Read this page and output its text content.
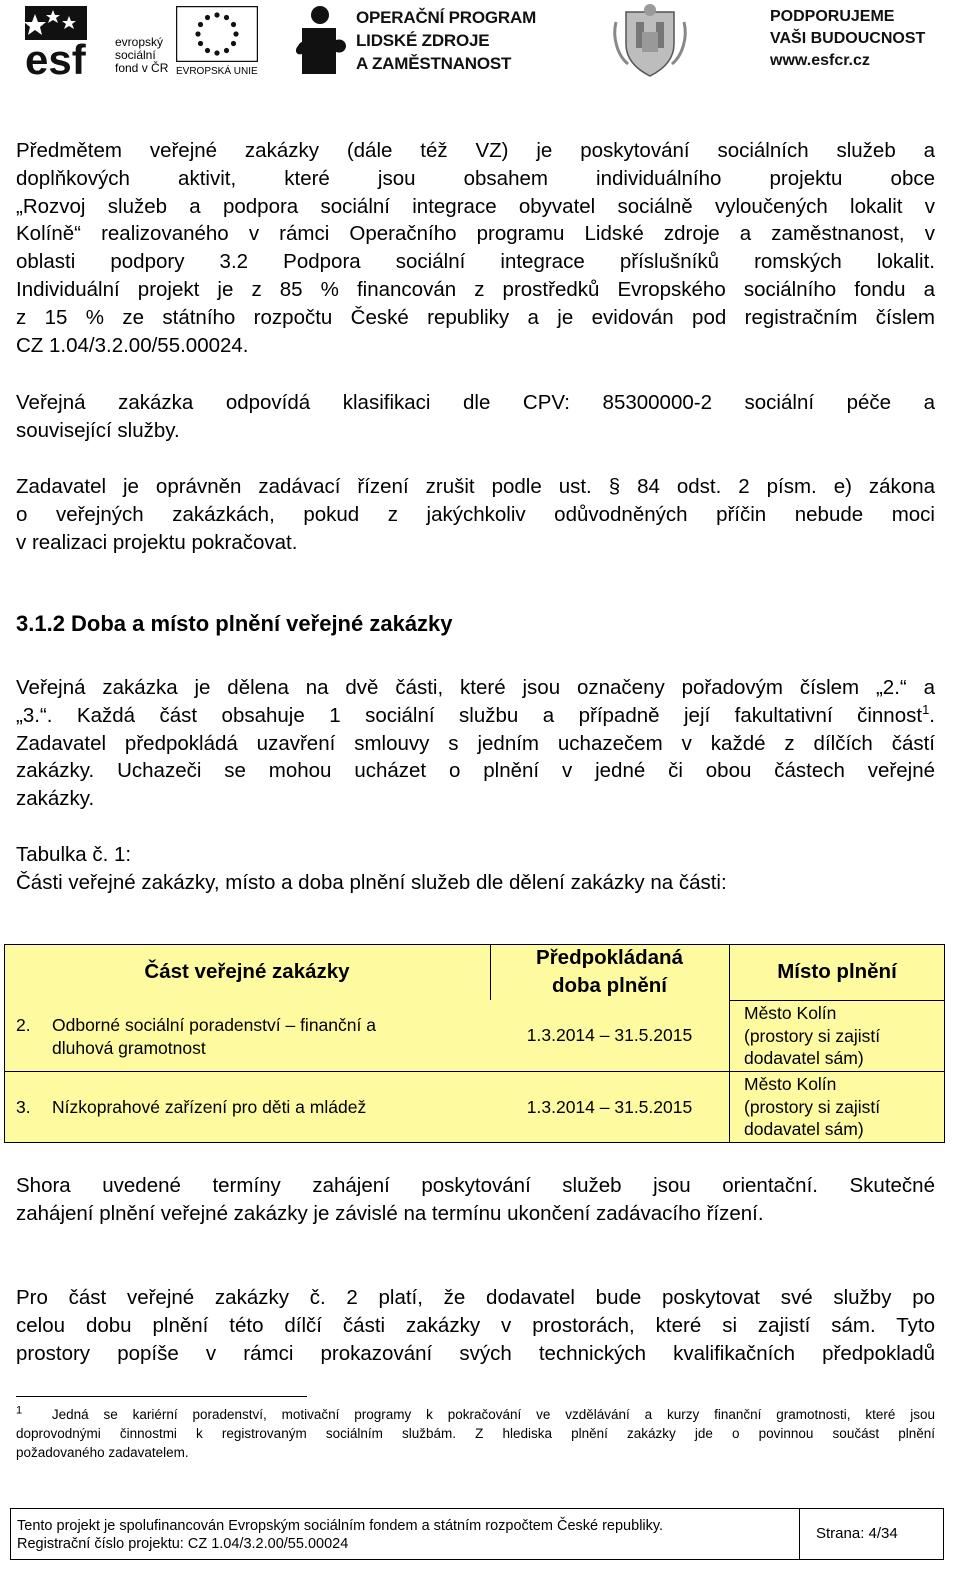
esf evropský
sociální
fond v ČR EVROPSKÁ UNIE
OPERAČNÍ PROGRAM
LIDSKÉ ZDROJE
A ZAMĚSTNANOST
PODPORUJEME
VAŠI BUDOUCNOST
www.esfcr.cz
Předmětem veřejné zakázky (dále též VZ) je poskytování sociálních služeb a
doplňkových aktivit, které jsou obsahem individuálního projektu obce
„Rozvoj služeb a podpora sociální integrace obyvatel sociálně vyloučených lokalit v
Kolíně“ realizovaného v rámci Operačního programu Lidské zdroje a zaměstnanost, v
oblasti podpory 3.2 Podpora sociální integrace příslušníků romských lokalit.
Individuální projekt je z 85 % financován z prostředků Evropského sociálního fondu a
z 15 % ze státního rozpočtu České republiky a je evidován pod registračním číslem
CZ 1.04/3.2.00/55.00024.
Veřejná zakázka odpovídá klasifikaci dle CPV: 85300000-2 sociální péče a
související služby.
Zadavatel je oprávněn zadávací řízení zrušit podle ust. § 84 odst. 2 písm. e) zákona
o veřejných zakázkách, pokud z jakýchkoliv odůvodněných příčin nebude moci
v realizaci projektu pokračovat.
3.1.2 Doba a místo plnění veřejné zakázky
Veřejná zakázka je dělena na dvě části, které jsou označeny pořadovým číslem „2.“ a
„3.“. Každá část obsahuje 1 sociální službu a případně její fakultativní činnost$^1$.
Zadavatel předpokládá uzavření smlouvy s jedním uchazečem v každé z dílčích částí
zakázky. Uchazeči se mohou ucházet o plnění v jedné či obou částech veřejné
zakázky.
Tabulka č. 1:
Části veřejné zakázky, místo a doba plnění služeb dle dělení zakázky na části:
Část veřejné zakázky
Předpokládaná doba plnění
Místo plnění
2. Odborné sociální poradenství – finanční a
dluhová gramotnost
1.3.2014 – 31.5.2015
Město Kolín
(prostory si zajistí
dodavatel sám)
3. Nízkoprahové zařízení pro děti a mládež	1.3.2014 – 31.5.2015
Město Kolín
(prostory si zajistí
dodavatel sám)
Shora uvedené termíny zahájení poskytování služeb jsou orientační. Skutečné
zahájení plnění veřejné zakázky je závislé na termínu ukončení zadávacího řízení.
Pro část veřejné zakázky č. 2 platí, že dodavatel bude poskytovat své služby po
celou dobu plnění této dílčí části zakázky v prostorách, které si zajistí sám. Tyto
prostory popíše v rámci prokazování svých technických kvalifikačních předpokladů
$^1$ Jedná se kariérní poradenství, motivační programy k pokračování ve vzdělávání a kurzy finanční gramotnosti, které jsou
doprovodnými činnostmi k registrovaným sociálním službám. Z hlediska plnění zakázky jde o povinnou součást plnění
požadovaného zadavatelem.
Tento projekt je spolufinancován Evropským sociálním fondem a státním rozpočtem České republiky.
Registrační číslo projektu: CZ 1.04/3.2.00/55.00024
Strana: 4/34
